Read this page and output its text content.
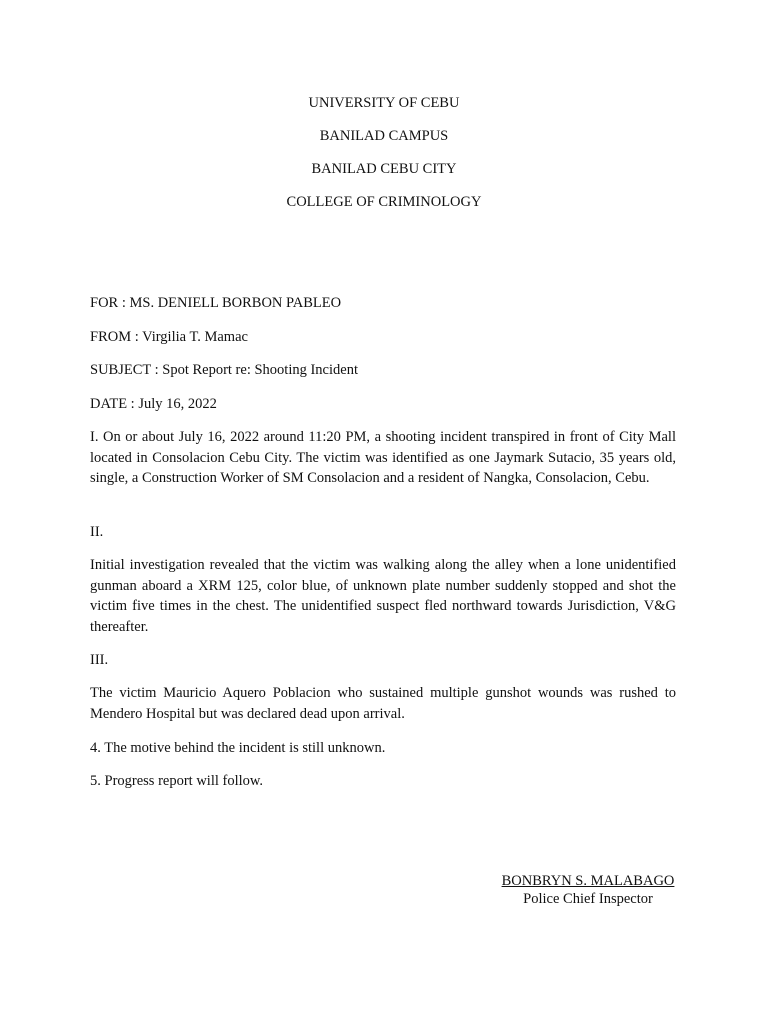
UNIVERSITY OF CEBU
BANILAD CAMPUS
BANILAD CEBU CITY
COLLEGE OF CRIMINOLOGY
FOR : MS. DENIELL BORBON PABLEO
FROM : Virgilia T. Mamac
SUBJECT : Spot Report re: Shooting Incident
DATE : July 16, 2022
I. On or about July 16, 2022 around 11:20 PM, a shooting incident transpired in front of City Mall located in Consolacion Cebu City. The victim was identified as one Jaymark Sutacio, 35 years old, single, a Construction Worker of SM Consolacion and a resident of Nangka, Consolacion, Cebu.
II.
Initial investigation revealed that the victim was walking along the alley when a lone unidentified gunman aboard a XRM 125, color blue, of unknown plate number suddenly stopped and shot the victim five times in the chest. The unidentified suspect fled northward towards Jurisdiction, V&G thereafter.
III.
The victim Mauricio Aquero Poblacion who sustained multiple gunshot wounds was rushed to Mendero Hospital but was declared dead upon arrival.
4. The motive behind the incident is still unknown.
5. Progress report will follow.
BONBRYN S. MALABAGO
Police Chief Inspector
